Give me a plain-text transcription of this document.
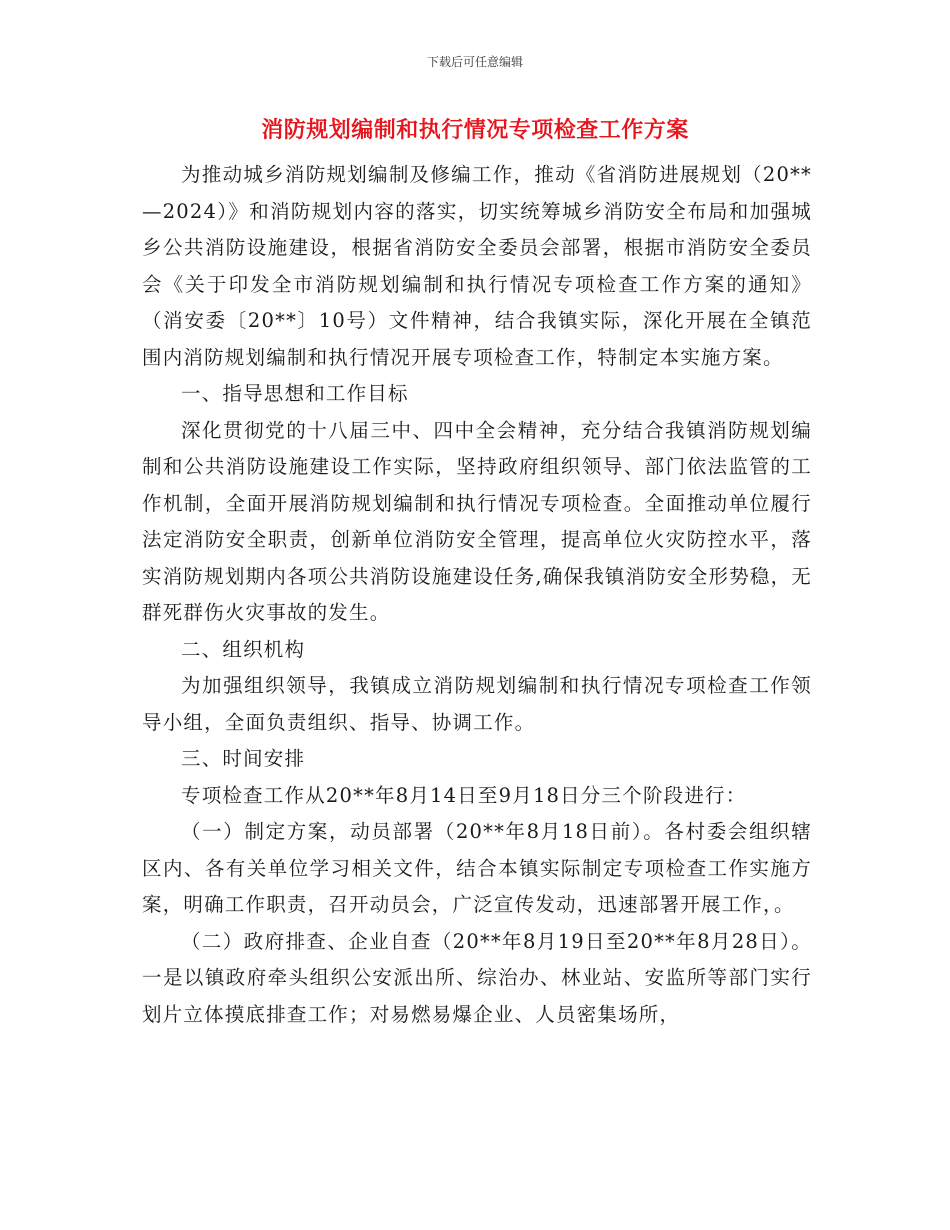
下载后可任意编辑
消防规划编制和执行情况专项检查工作方案

为推动城乡消防规划编制及修编工作，推动《省消防进展规划（20**—2024）》和消防规划内容的落实，切实统筹城乡消防安全布局和加强城乡公共消防设施建设，根据省消防安全委员会部署，根据市消防安全委员会《关于印发全市消防规划编制和执行情况专项检查工作方案的通知》（消安委〔20**〕10号）文件精神，结合我镇实际，深化开展在全镇范围内消防规划编制和执行情况开展专项检查工作，特制定本实施方案。

一、指导思想和工作目标

深化贯彻党的十八届三中、四中全会精神，充分结合我镇消防规划编制和公共消防设施建设工作实际，坚持政府组织领导、部门依法监管的工作机制，全面开展消防规划编制和执行情况专项检查。全面推动单位履行法定消防安全职责，创新单位消防安全管理，提高单位火灾防控水平，落实消防规划期内各项公共消防设施建设任务,确保我镇消防安全形势稳，无群死群伤火灾事故的发生。

二、组织机构

为加强组织领导，我镇成立消防规划编制和执行情况专项检查工作领导小组，全面负责组织、指导、协调工作。

三、时间安排

专项检查工作从20**年8月14日至9月18日分三个阶段进行：

（一）制定方案，动员部署（20**年8月18日前）。各村委会组织辖区内、各有关单位学习相关文件，结合本镇实际制定专项检查工作实施方案，明确工作职责，召开动员会，广泛宣传发动，迅速部署开展工作，。

（二）政府排查、企业自查（20**年8月19日至20**年8月28日）。一是以镇政府牵头组织公安派出所、综治办、林业站、安监所等部门实行划片立体摸底排查工作；对易燃易爆企业、人员密集场所，
